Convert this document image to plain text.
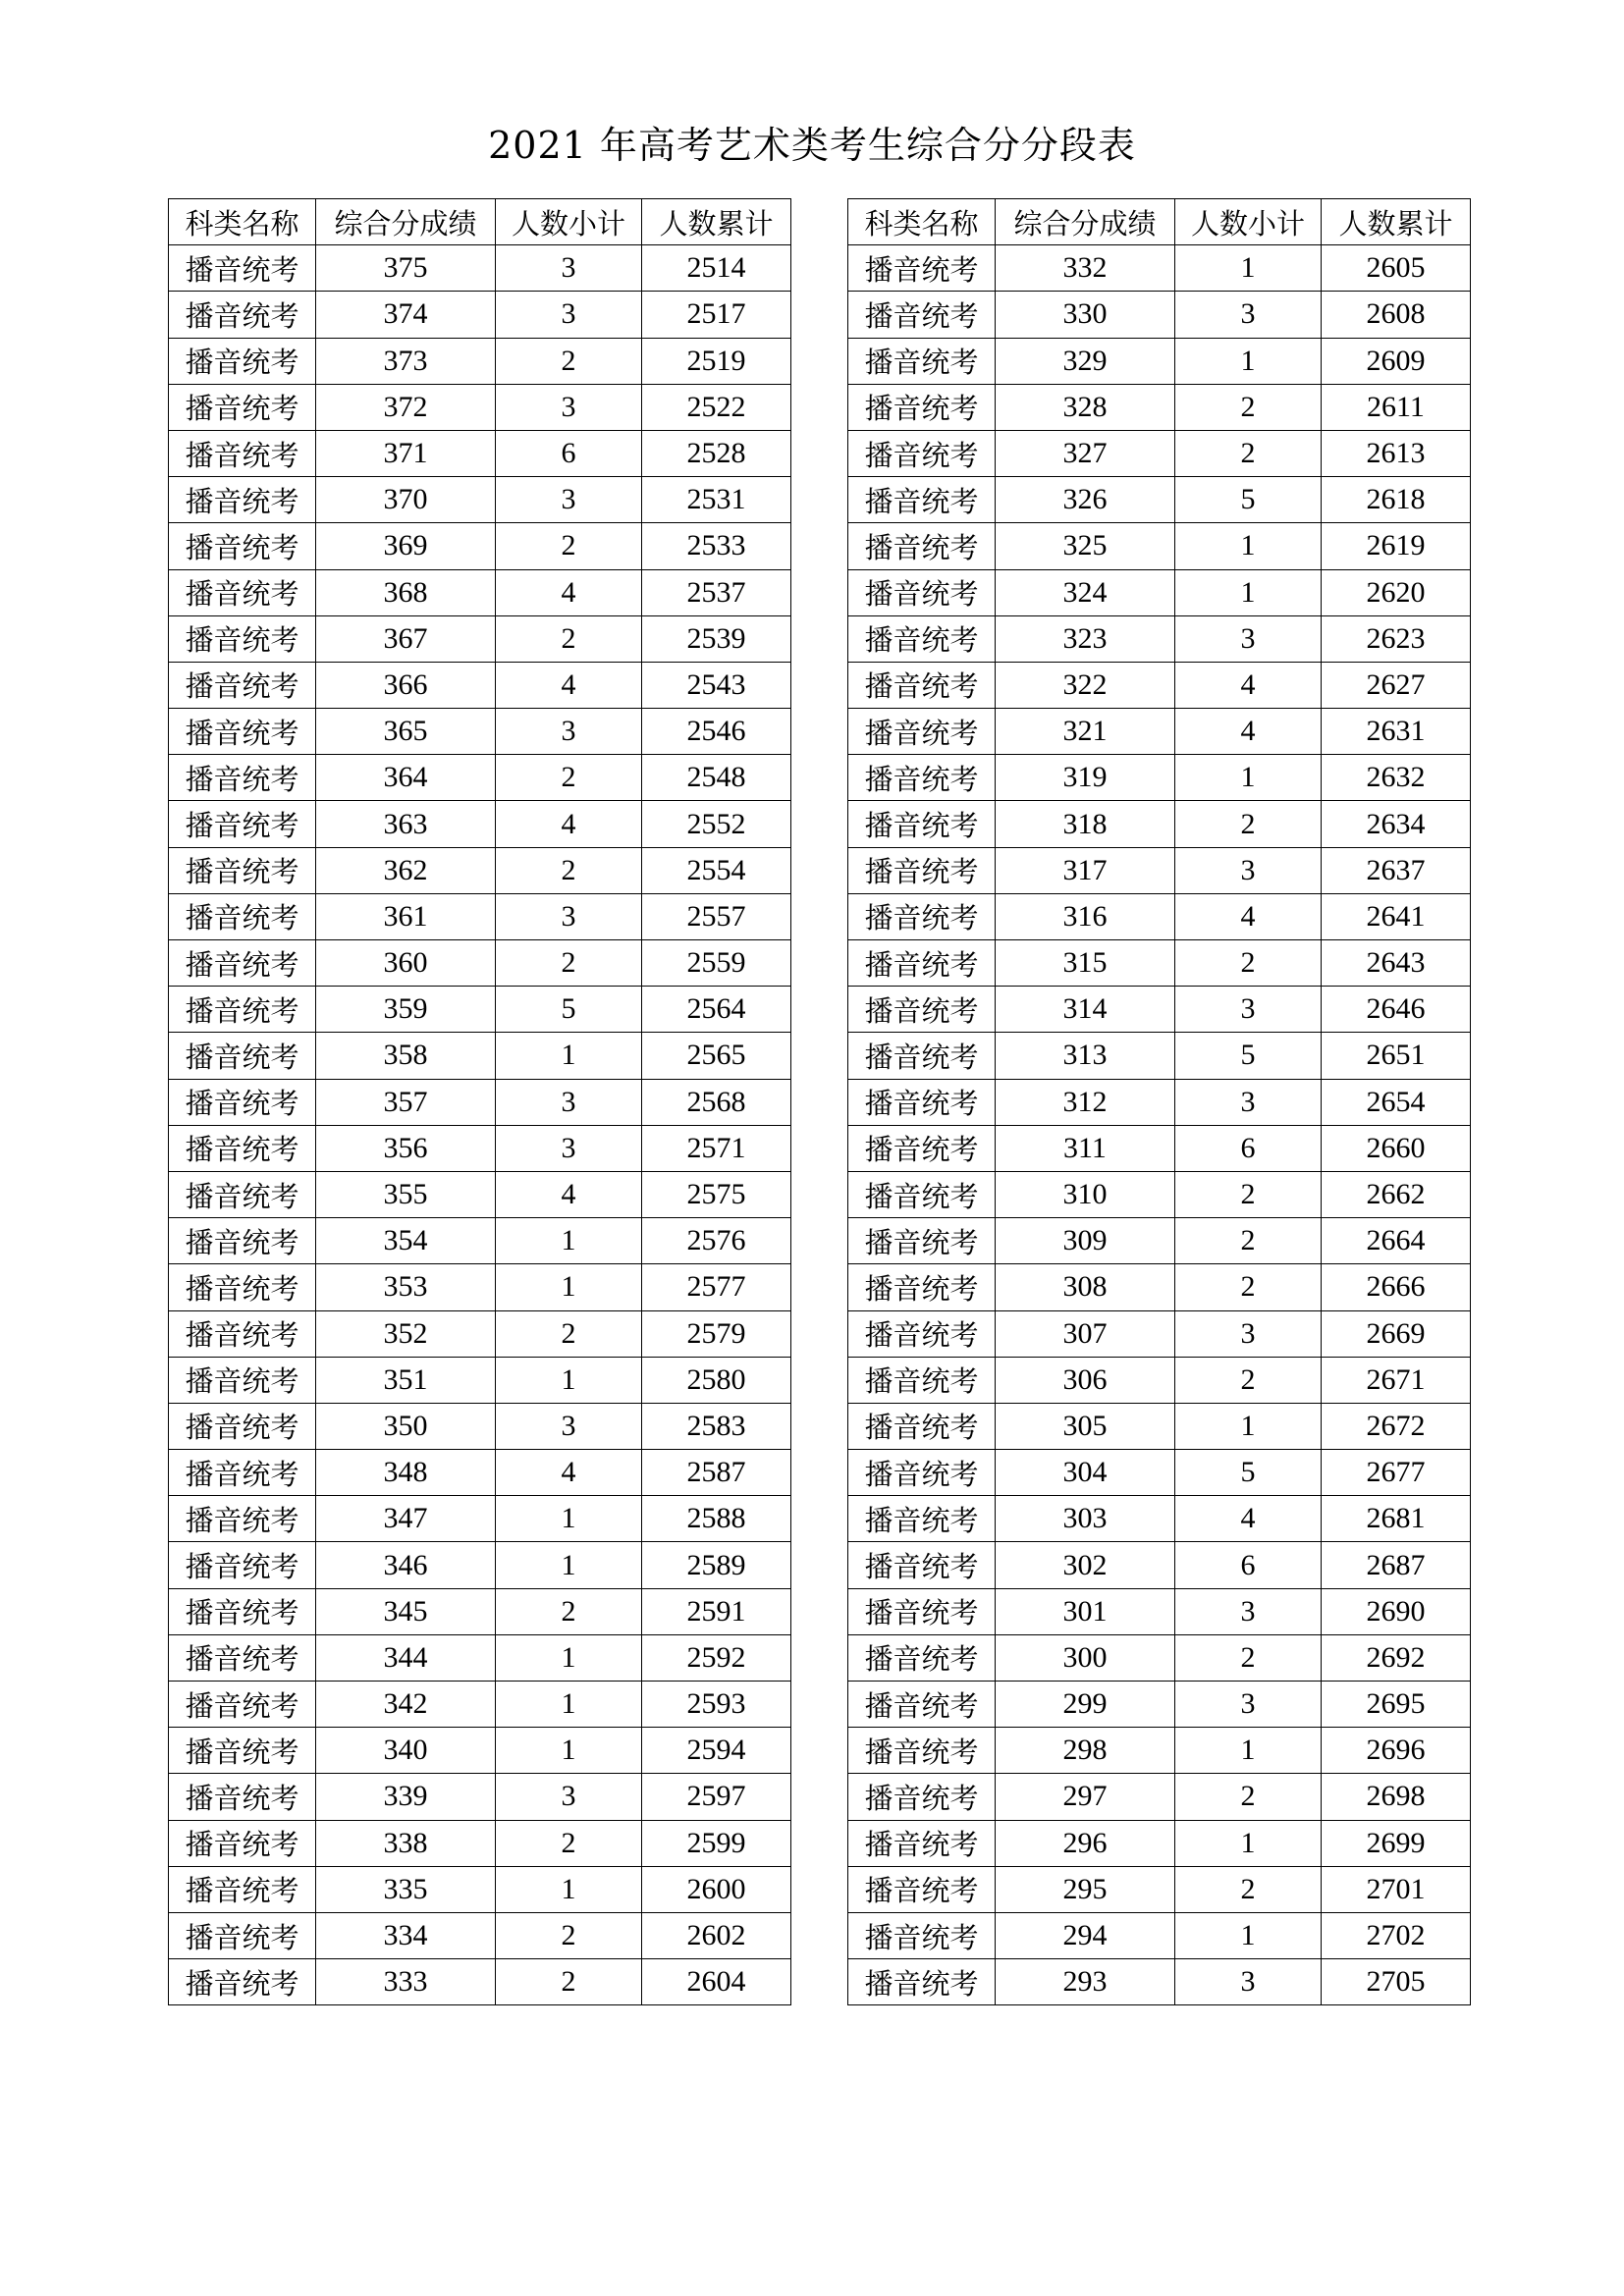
2021 年高考艺术类考生综合分分段表
科类名称	综合分成绩	人数小计	人数累计
播音统考	375	3	2514
播音统考	374	3	2517
播音统考	373	2	2519
播音统考	372	3	2522
播音统考	371	6	2528
播音统考	370	3	2531
播音统考	369	2	2533
播音统考	368	4	2537
播音统考	367	2	2539
播音统考	366	4	2543
播音统考	365	3	2546
播音统考	364	2	2548
播音统考	363	4	2552
播音统考	362	2	2554
播音统考	361	3	2557
播音统考	360	2	2559
播音统考	359	5	2564
播音统考	358	1	2565
播音统考	357	3	2568
播音统考	356	3	2571
播音统考	355	4	2575
播音统考	354	1	2576
播音统考	353	1	2577
播音统考	352	2	2579
播音统考	351	1	2580
播音统考	350	3	2583
播音统考	348	4	2587
播音统考	347	1	2588
播音统考	346	1	2589
播音统考	345	2	2591
播音统考	344	1	2592
播音统考	342	1	2593
播音统考	340	1	2594
播音统考	339	3	2597
播音统考	338	2	2599
播音统考	335	1	2600
播音统考	334	2	2602
播音统考	333	2	2604
科类名称	综合分成绩	人数小计	人数累计
播音统考	332	1	2605
播音统考	330	3	2608
播音统考	329	1	2609
播音统考	328	2	2611
播音统考	327	2	2613
播音统考	326	5	2618
播音统考	325	1	2619
播音统考	324	1	2620
播音统考	323	3	2623
播音统考	322	4	2627
播音统考	321	4	2631
播音统考	319	1	2632
播音统考	318	2	2634
播音统考	317	3	2637
播音统考	316	4	2641
播音统考	315	2	2643
播音统考	314	3	2646
播音统考	313	5	2651
播音统考	312	3	2654
播音统考	311	6	2660
播音统考	310	2	2662
播音统考	309	2	2664
播音统考	308	2	2666
播音统考	307	3	2669
播音统考	306	2	2671
播音统考	305	1	2672
播音统考	304	5	2677
播音统考	303	4	2681
播音统考	302	6	2687
播音统考	301	3	2690
播音统考	300	2	2692
播音统考	299	3	2695
播音统考	298	1	2696
播音统考	297	2	2698
播音统考	296	1	2699
播音统考	295	2	2701
播音统考	294	1	2702
播音统考	293	3	2705
